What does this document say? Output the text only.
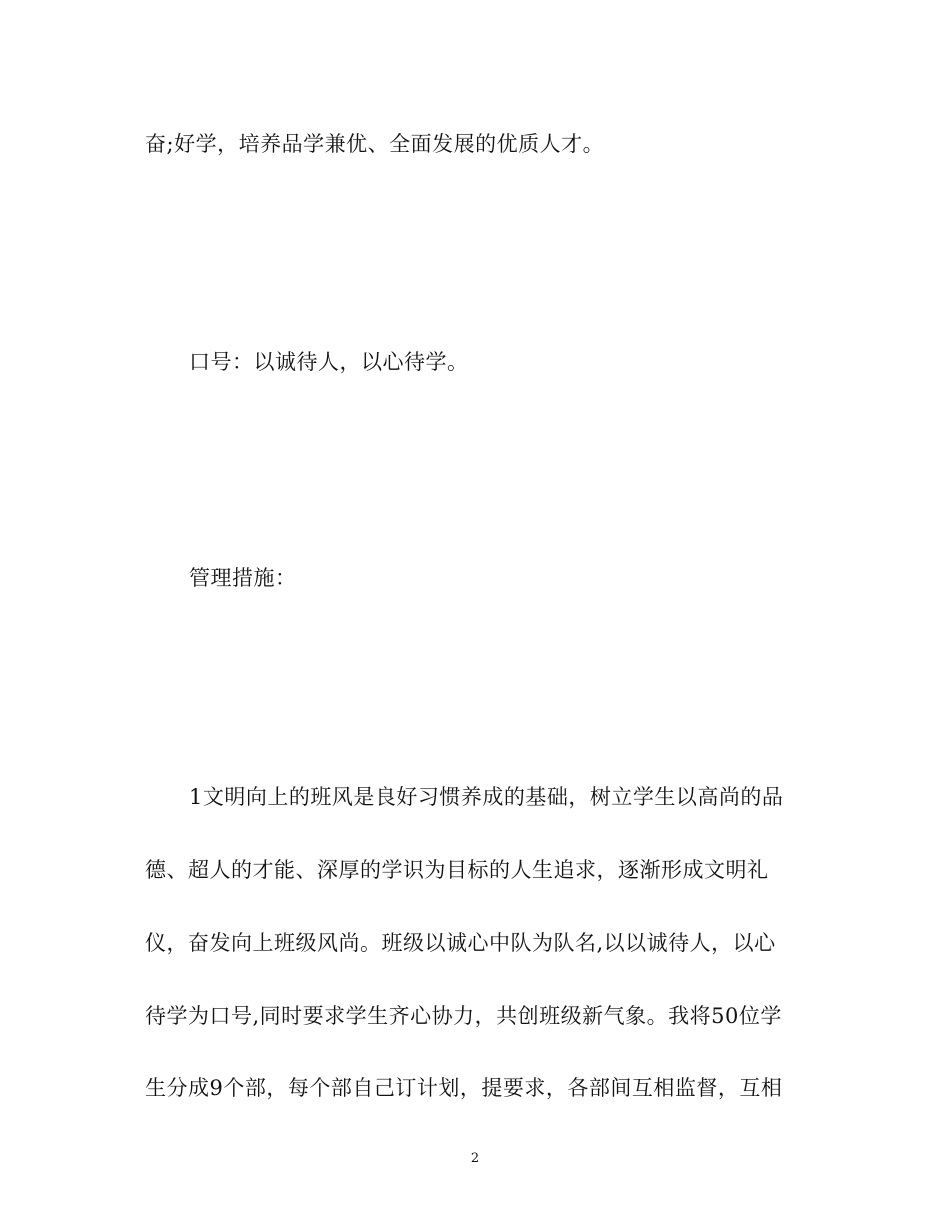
奋;好学，培养品学兼优、全面发展的优质人才。
口号：以诚待人，以心待学。
管理措施：
1文明向上的班风是良好习惯养成的基础，树立学生以高尚的品
德、超人的才能、深厚的学识为目标的人生追求，逐渐形成文明礼
仪，奋发向上班级风尚。班级以诚心中队为队名,以以诚待人，以心
待学为口号,同时要求学生齐心协力，共创班级新气象。我将50位学
生分成9个部，每个部自己订计划，提要求，各部间互相监督，互相
2
